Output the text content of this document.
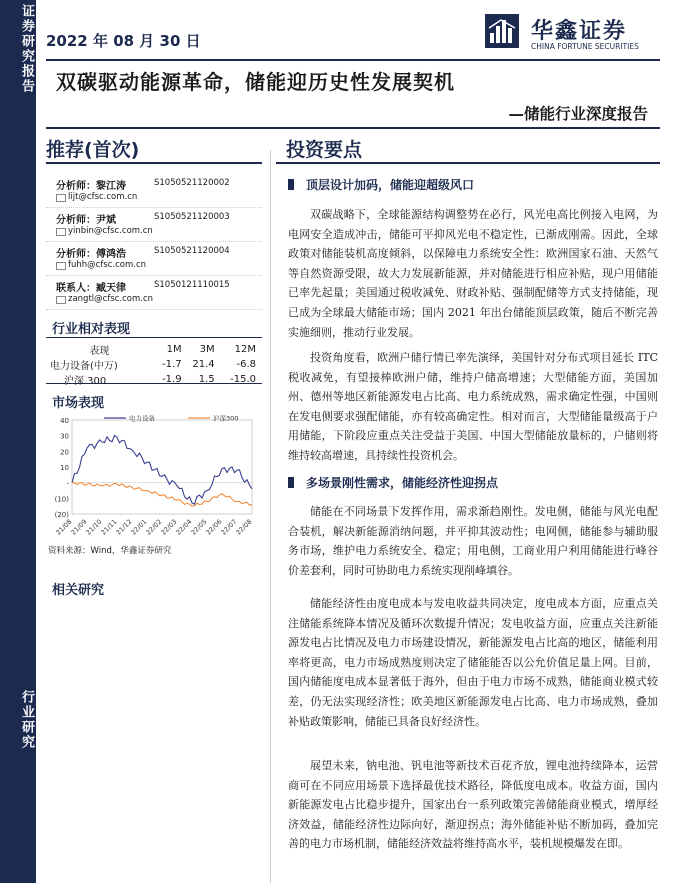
证券研究报告
行业研究
2022 年 08 月 30 日	华鑫证券
CHINA FORTUNE SECURITIES
双碳驱动能源革命，储能迎历史性发展契机
—储能行业深度报告
推荐(首次)
分析师： 黎江涛	S1050521120002
lijt@cfsc.com.cn
分析师： 尹斌	S1050521120003
yinbin@cfsc.com.cn
分析师： 傅鸿浩	S1050521120004
fuhh@cfsc.com.cn
联系人： 臧天律	S1050121110015
zangtl@cfsc.com.cn
行业相对表现
表现	1M	3M	12M
电力设备(中万)	-1.7	21.4	-6.8
沪深 300	-1.9	1.5	-15.0
市场表现
(20)
(10)
-
10
20
30
40
21/08
21/09
21/10
21/11
21/12
22/01
22/02
22/03
22/04
22/05
22/06
22/07
22/08
电力设备	沪深300
资料来源：Wind，华鑫证券研究
相关研究
投资要点
顶层设计加码，储能迎超级风口

双碳战略下，全球能源结构调整势在必行，风光电高比例接入电网，为电网安全造成冲击，储能可平抑风光电不稳定性，已渐成刚需。因此，全球政策对储能装机高度倾斜，以保障电力系统安全性：欧洲国家石油、天然气等自然资源受限，故大力发展新能源，并对储能进行相应补贴，现户用储能已率先起量；美国通过税收减免、财政补贴、强制配储等方式支持储能，现已成为全球最大储能市场；国内 2021 年出台储能顶层政策，随后不断完善实施细则，推动行业发展。

投资角度看，欧洲户储行情已率先演绎，美国针对分布式项目延长 ITC 税收减免，有望接棒欧洲户储，维持户储高增速；大型储能方面，美国加州、德州等地区新能源发电占比高、电力系统成熟，需求确定性强，中国则在发电侧要求强配储能，亦有较高确定性。相对而言，大型储能量级高于户用储能，下阶段应重点关注受益于美国、中国大型储能放量标的，户储则将维持较高增速，具持续性投资机会。

多场景刚性需求，储能经济性迎拐点

储能在不同场景下发挥作用，需求渐趋刚性。发电侧，储能与风光电配合装机，解决新能源消纳问题，并平抑其波动性；电网侧，储能参与辅助服务市场，维护电力系统安全、稳定；用电侧，工商业用户利用储能进行峰谷价差套利，同时可协助电力系统实现削峰填谷。

储能经济性由度电成本与发电收益共同决定，度电成本方面，应重点关注储能系统降本情况及循环次数提升情况；发电收益方面，应重点关注新能源发电占比情况及电力市场建设情况，新能源发电占比高的地区，储能利用率将更高，电力市场成熟度则决定了储能能否以公允价值足量上网。目前，国内储能度电成本显著低于海外，但由于电力市场不成熟，储能商业模式较差，仍无法实现经济性；欧美地区新能源发电占比高、电力市场成熟，叠加补贴政策影响，储能已具备良好经济性。

展望未来，钠电池、钒电池等新技术百花齐放，锂电池持续降本，运营商可在不同应用场景下选择最优技术路径，降低度电成本。收益方面，国内新能源发电占比稳步提升，国家出台一系列政策完善储能商业模式，增厚经济效益，储能经济性边际向好，渐迎拐点；海外储能补贴不断加码，叠加完善的电力市场机制，储能经济效益将维持高水平，装机规模爆发在即。
